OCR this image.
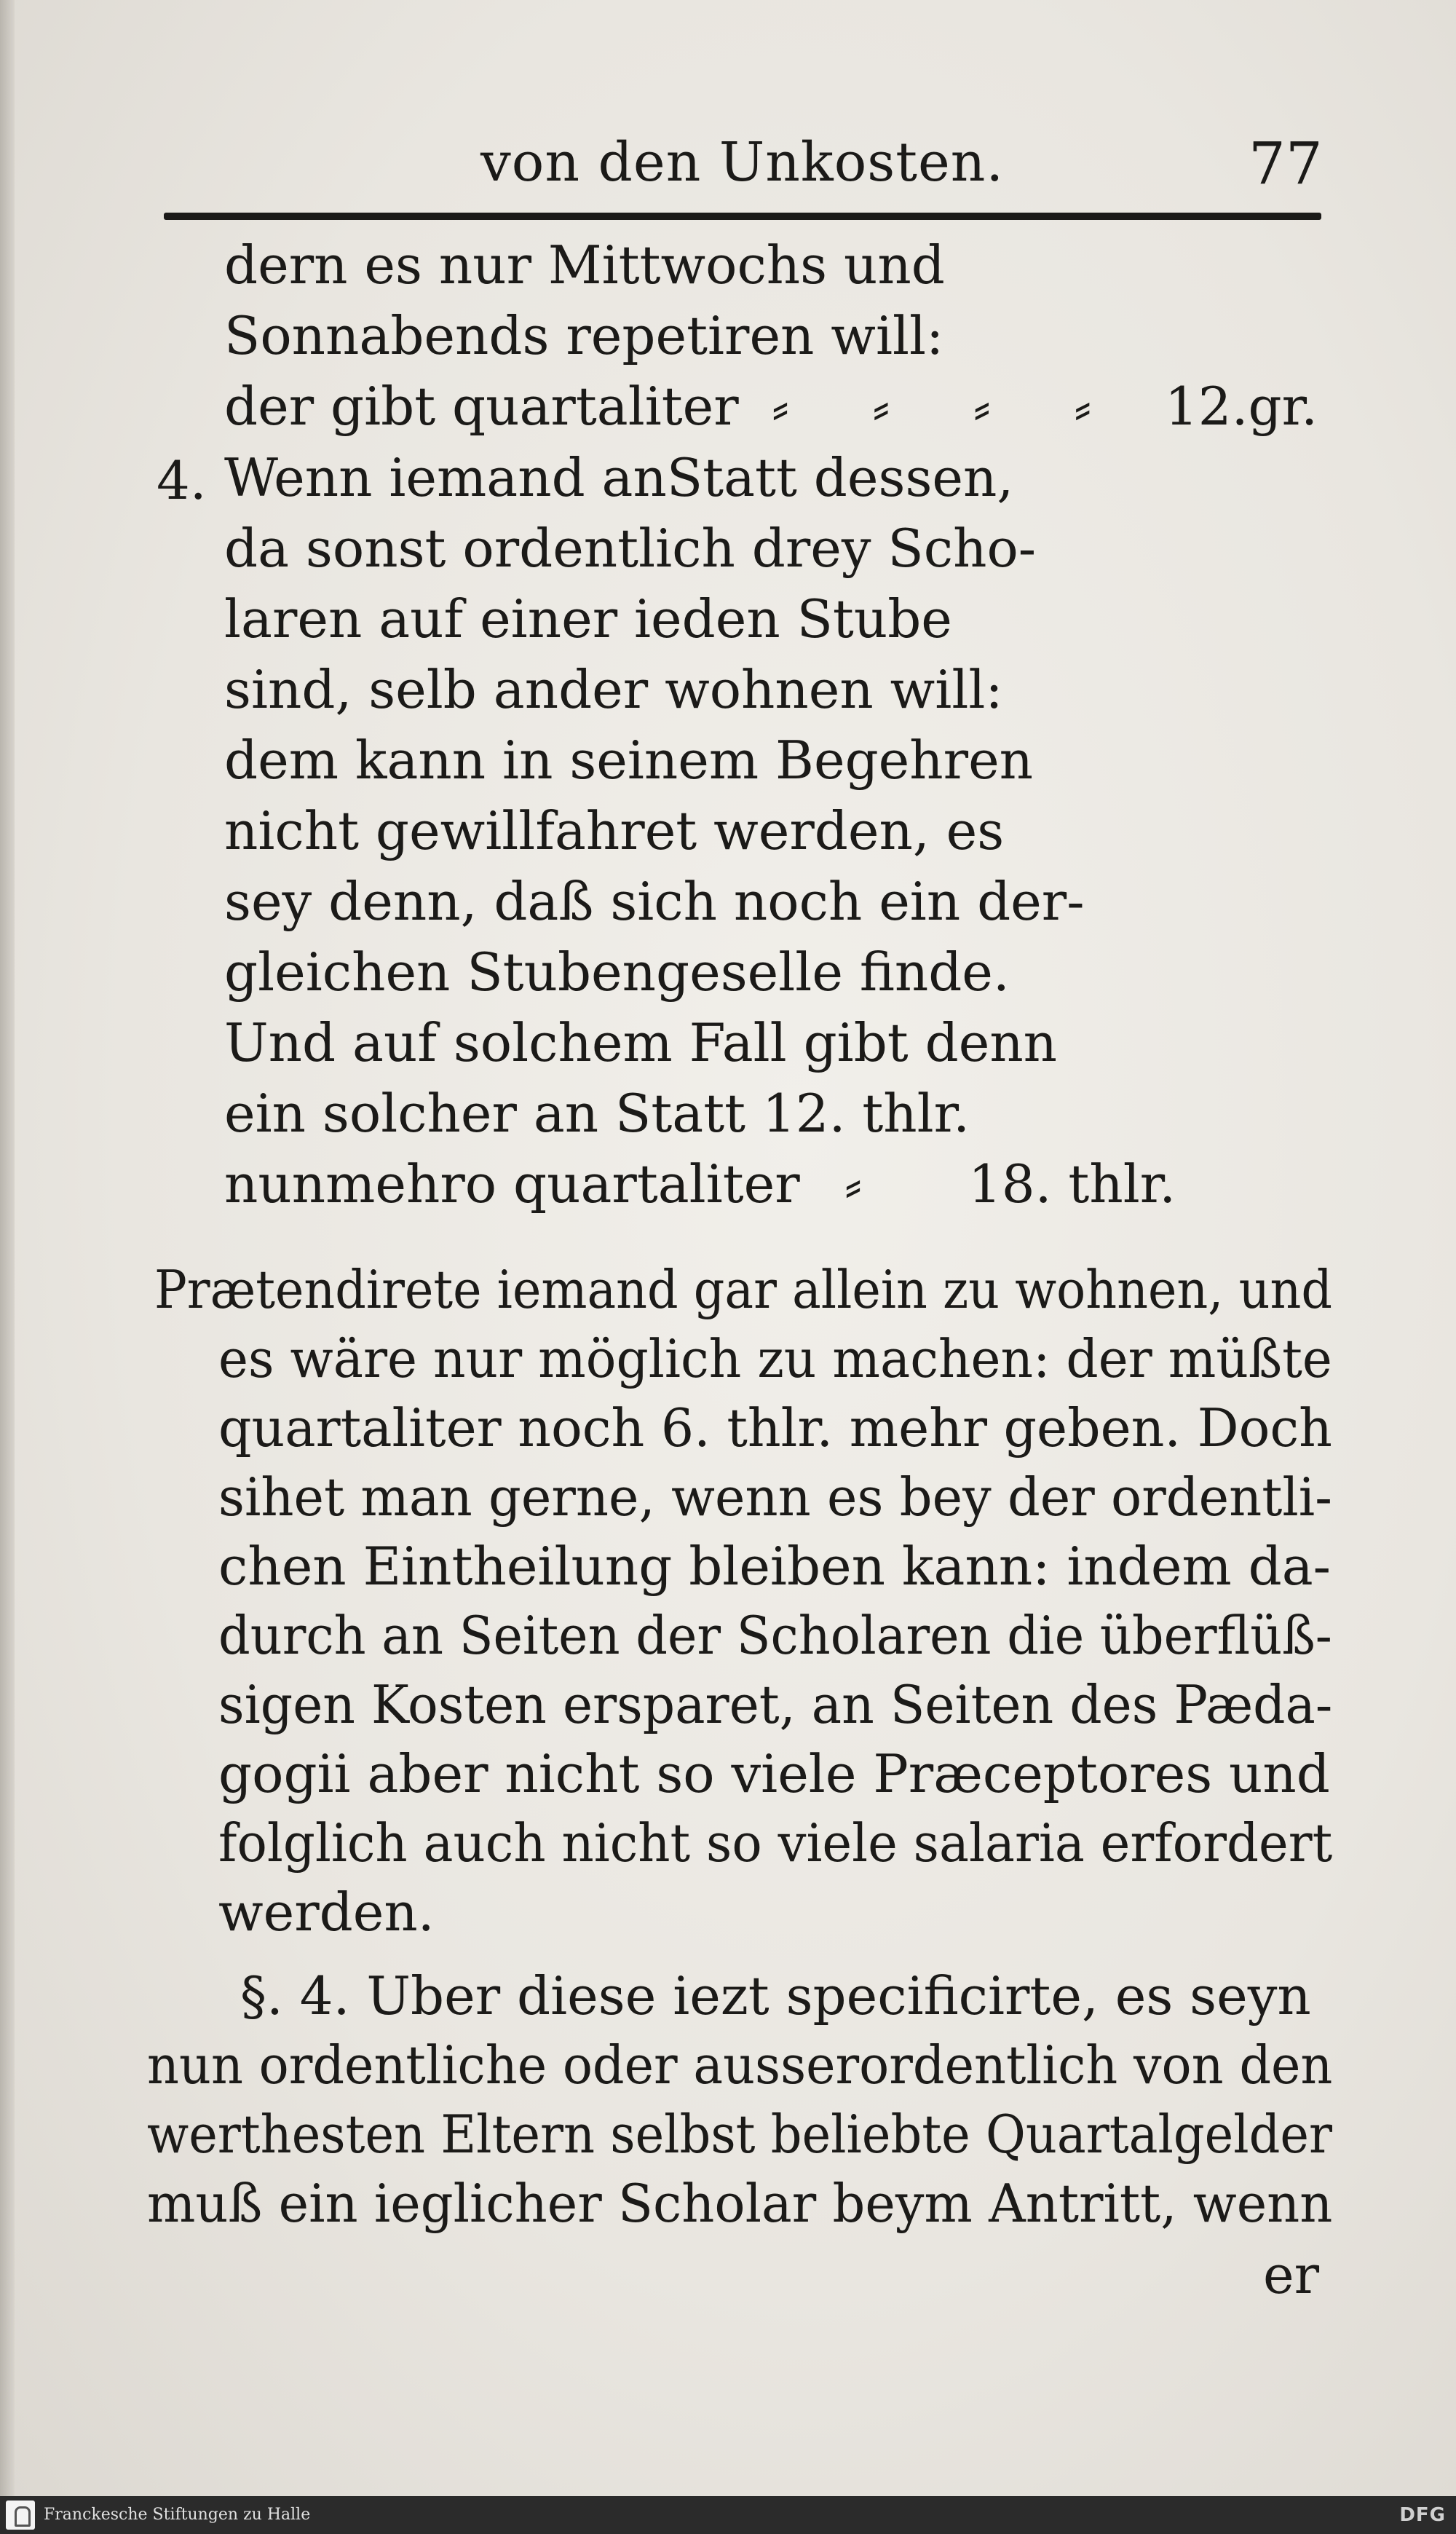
von den Unkosten.	77
dern es nur Mittwochs und
Sonnabends repetiren will:
der gibt quartaliter ⸗     ⸗     ⸗     ⸗ 12.gr.
4. Wenn iemand anStatt dessen,
da sonst ordentlich drey Scho-
laren auf einer ieden Stube
sind, selb ander wohnen will:
dem kann in seinem Begehren
nicht gewillfahret werden, es
sey denn, daß sich noch ein der-
gleichen Stubengeselle finde.
Und auf solchem Fall gibt denn
ein solcher an Statt 12. thlr.
nunmehro quartaliter ⸗ 18. thlr.
Prætendirete iemand gar allein zu wohnen, und
es wäre nur möglich zu machen: der müßte
quartaliter noch 6. thlr. mehr geben. Doch
sihet man gerne, wenn es bey der ordentli-
chen Eintheilung bleiben kann: indem da-
durch an Seiten der Scholaren die überflüß-
sigen Kosten ersparet, an Seiten des Pæda-
gogii aber nicht so viele Præceptores und
folglich auch nicht so viele salaria erfordert
werden.
§. 4. Uber diese iezt specificirte, es seyn
nun ordentliche oder ausserordentlich von den
werthesten Eltern selbst beliebte Quartalgelder
muß ein ieglicher Scholar beym Antritt, wenn
er
Franckesche Stiftungen zu Halle	DFG
